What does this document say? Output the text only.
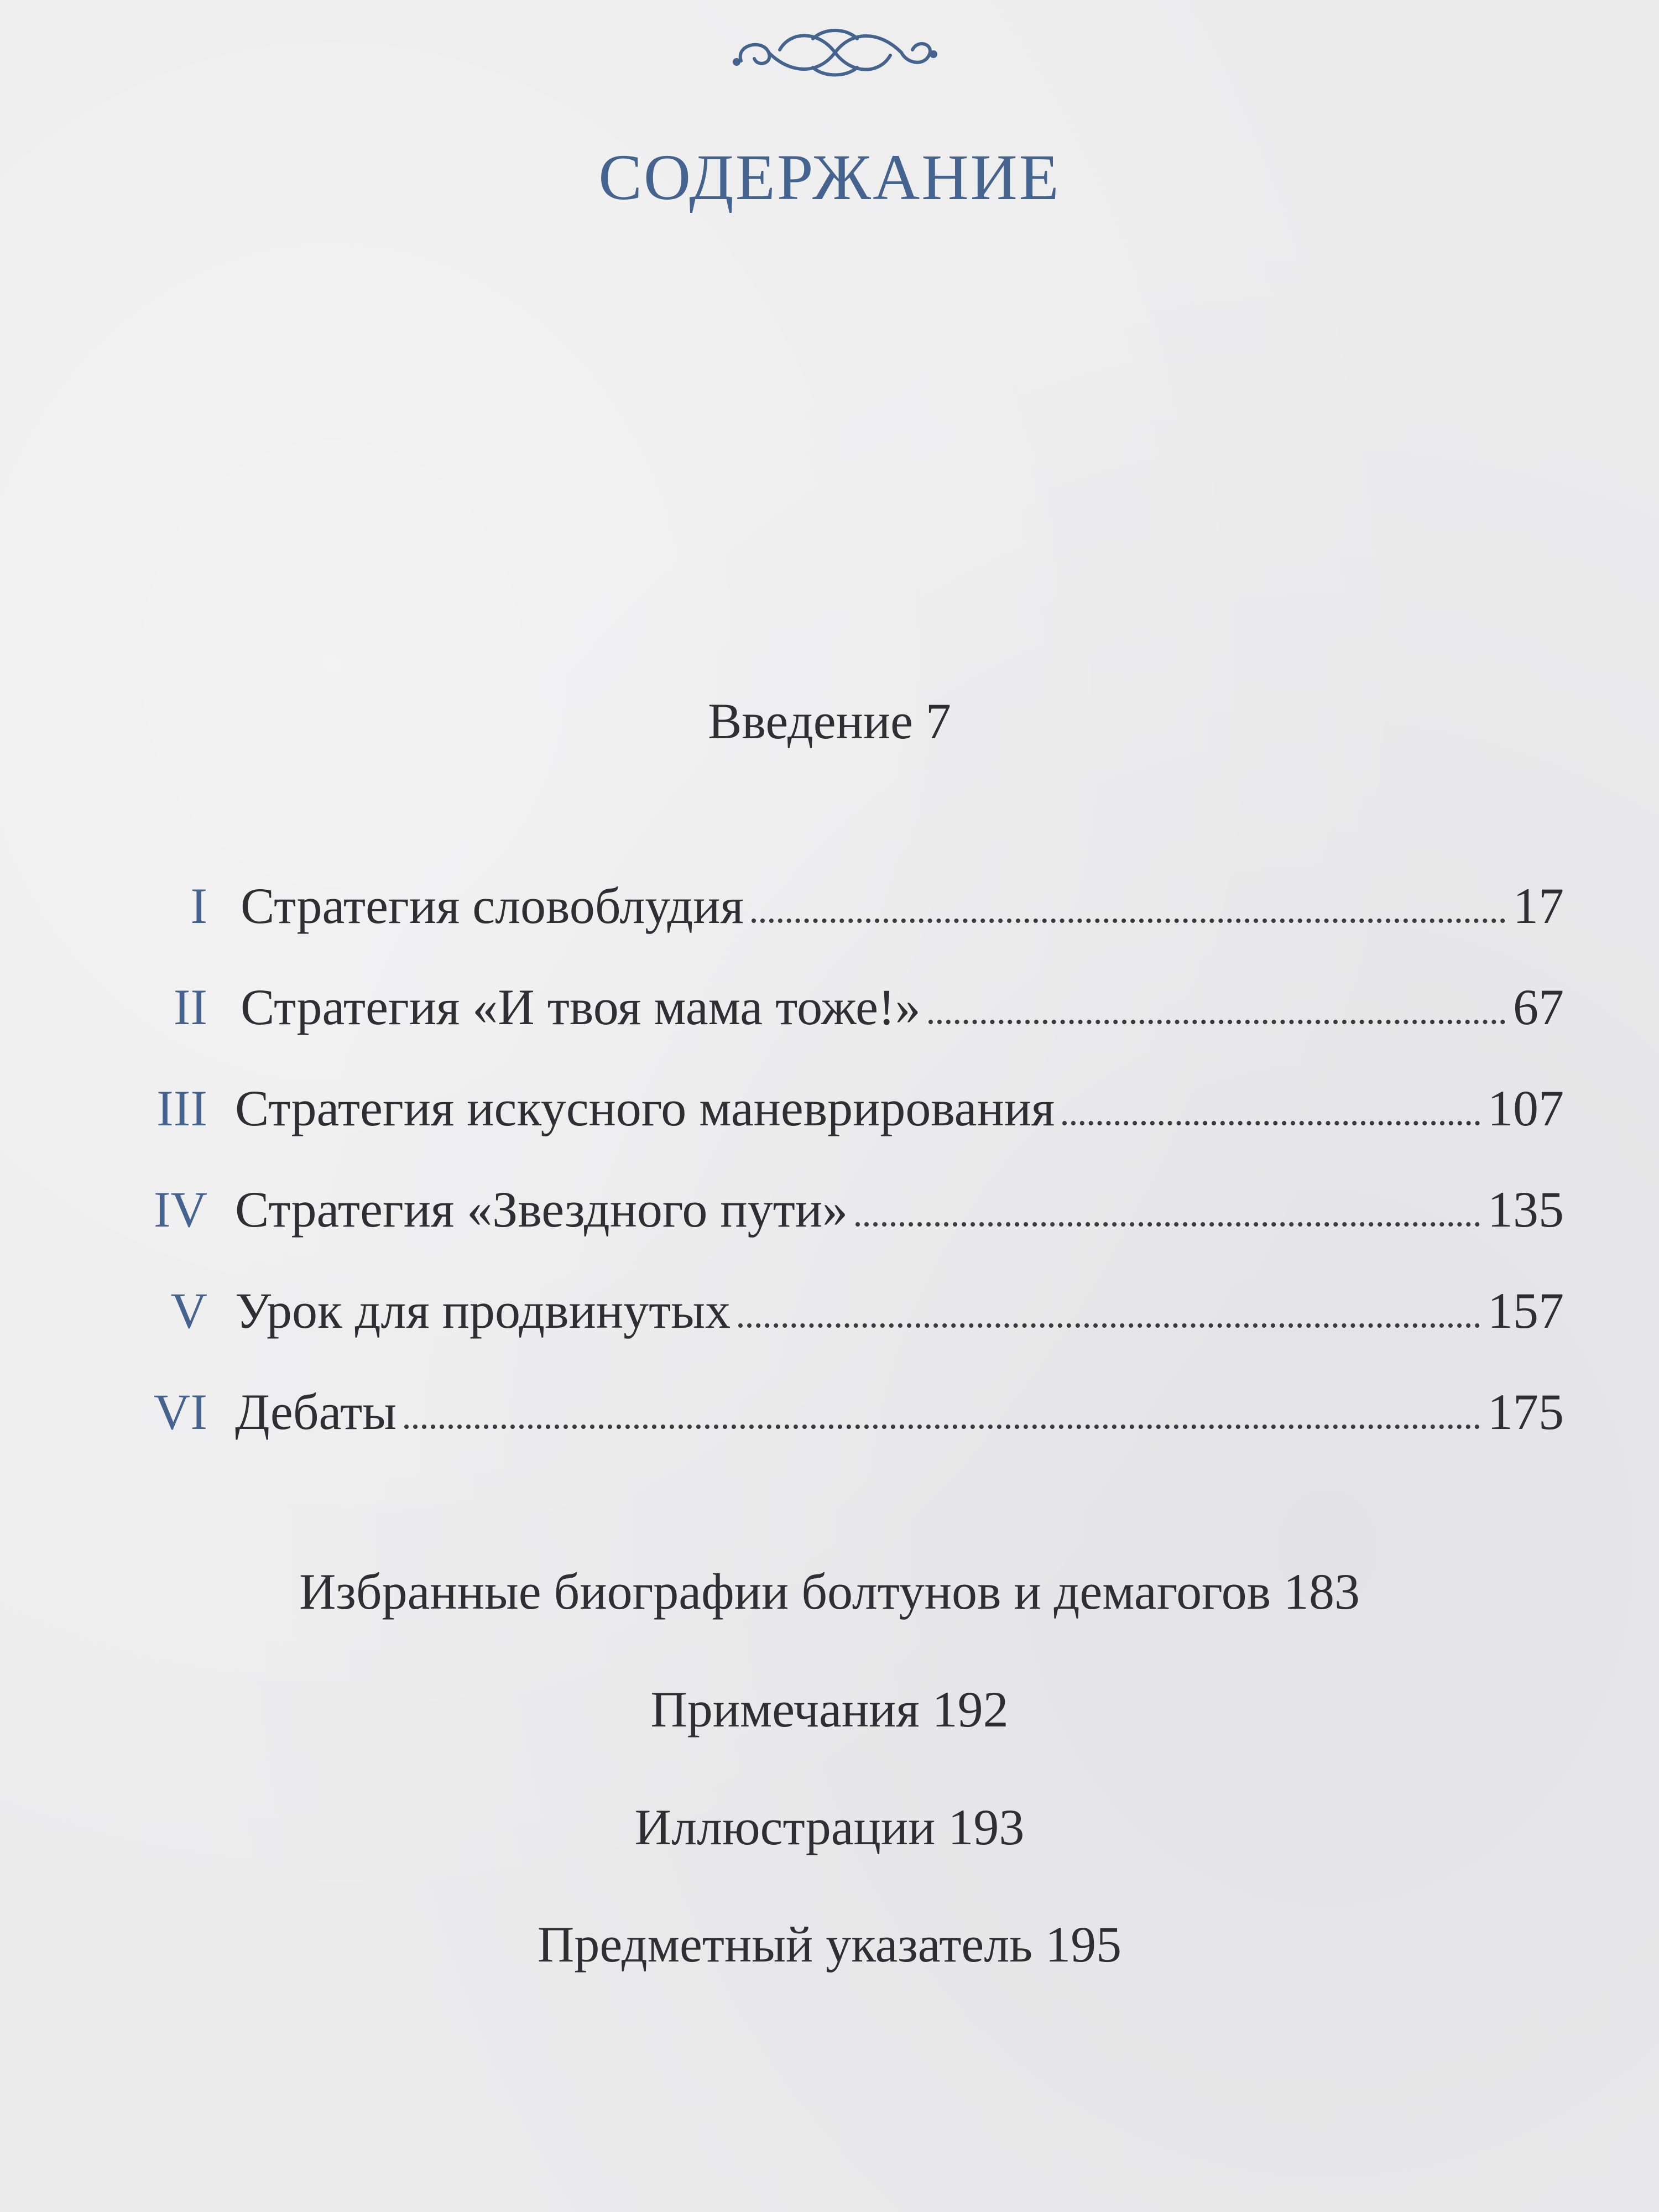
СОДЕРЖАНИЕ
Введение 7
I Стратегия словоблудия	17
II Стратегия «И твоя мама тоже!»	67
III Стратегия искусного маневрирования	107
IV Стратегия «Звездного пути»	135
V Урок для продвинутых	157
VI Дебаты	175
Избранные биографии болтунов и демагогов 183
Примечания 192
Иллюстрации 193
Предметный указатель 195
